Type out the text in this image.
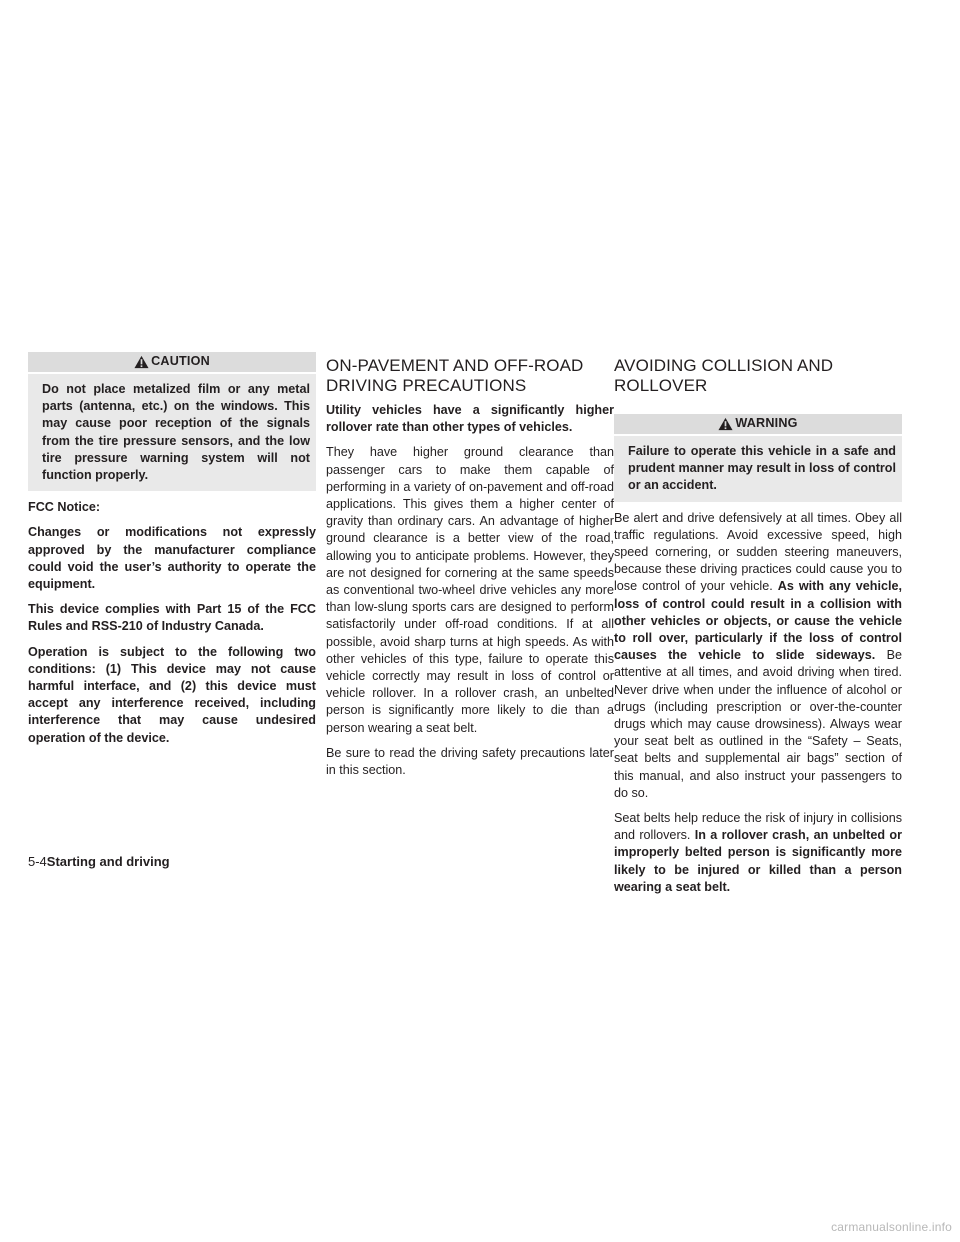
CAUTION
Do not place metalized film or any metal parts (antenna, etc.) on the windows. This may cause poor reception of the signals from the tire pressure sensors, and the low tire pressure warning system will not function properly.

FCC Notice:

Changes or modifications not expressly approved by the manufacturer compliance could void the user’s authority to operate the equipment.

This device complies with Part 15 of the FCC Rules and RSS-210 of Industry Canada.

Operation is subject to the following two conditions: (1) This device may not cause harmful interface, and (2) this device must accept any interference received, including interference that may cause undesired operation of the device.

ON-PAVEMENT AND OFF-ROAD DRIVING PRECAUTIONS

Utility vehicles have a significantly higher rollover rate than other types of vehicles.

They have higher ground clearance than passenger cars to make them capable of performing in a variety of on-pavement and off-road applications. This gives them a higher center of gravity than ordinary cars. An advantage of higher ground clearance is a better view of the road, allowing you to anticipate problems. However, they are not designed for cornering at the same speeds as conventional two-wheel drive vehicles any more than low-slung sports cars are designed to perform satisfactorily under off-road conditions. If at all possible, avoid sharp turns at high speeds. As with other vehicles of this type, failure to operate this vehicle correctly may result in loss of control or vehicle rollover. In a rollover crash, an unbelted person is significantly more likely to die than a person wearing a seat belt.

Be sure to read the driving safety precautions later in this section.

AVOIDING COLLISION AND ROLLOVER
WARNING
Failure to operate this vehicle in a safe and prudent manner may result in loss of control or an accident.

Be alert and drive defensively at all times. Obey all traffic regulations. Avoid excessive speed, high speed cornering, or sudden steering maneuvers, because these driving practices could cause you to lose control of your vehicle. As with any vehicle, loss of control could result in a collision with other vehicles or objects, or cause the vehicle to roll over, particularly if the loss of control causes the vehicle to slide sideways. Be attentive at all times, and avoid driving when tired. Never drive when under the influence of alcohol or drugs (including prescription or over-the-counter drugs which may cause drowsiness). Always wear your seat belt as outlined in the “Safety – Seats, seat belts and supplemental air bags” section of this manual, and also instruct your passengers to do so.

Seat belts help reduce the risk of injury in collisions and rollovers. In a rollover crash, an unbelted or improperly belted person is significantly more likely to be injured or killed than a person wearing a seat belt.

5-4Starting and driving
carmanualsonline.info
